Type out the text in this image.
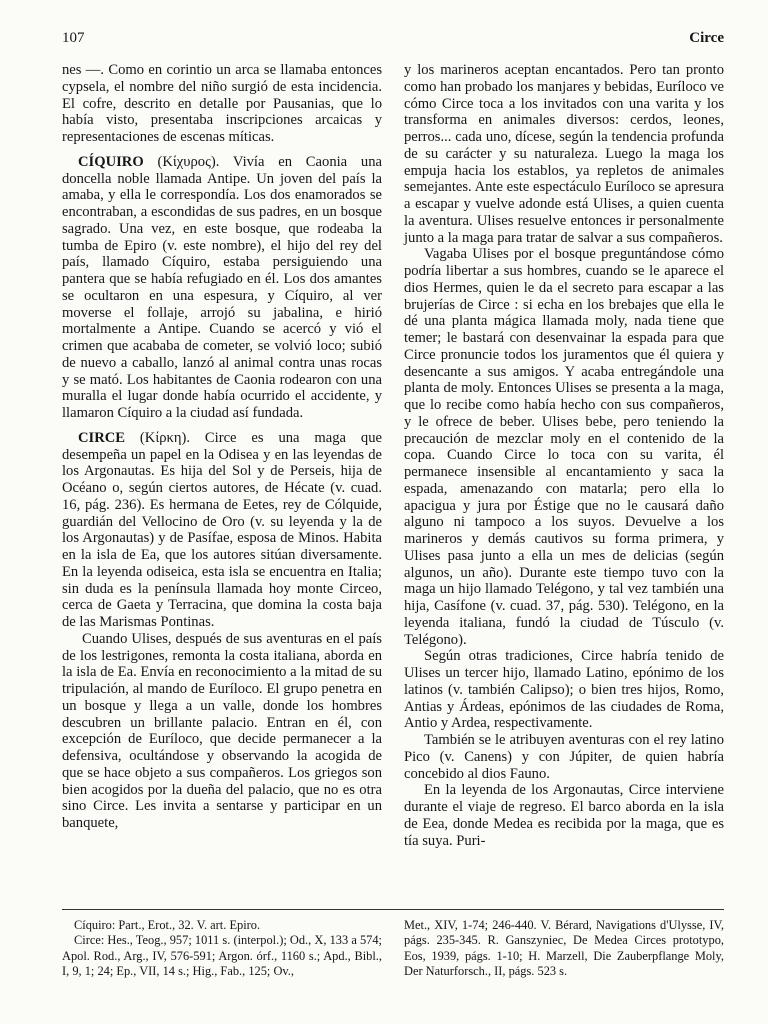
107	Circe

nes —. Como en corintio un arca se llamaba entonces cypsela, el nombre del niño surgió de esta incidencia. El cofre, descrito en detalle por Pausanias, que lo había visto, presentaba inscripciones arcaicas y representaciones de escenas míticas.

CÍQUIRO (Κίχυρος). Vivía en Caonia una doncella noble llamada Antipe. Un joven del país la amaba, y ella le correspondía. Los dos enamorados se encontraban, a escondidas de sus padres, en un bosque sagrado. Una vez, en este bosque, que rodeaba la tumba de Epiro (v. este nombre), el hijo del rey del país, llamado Cíquiro, estaba persiguiendo una pantera que se había refugiado en él. Los dos amantes se ocultaron en una espesura, y Cíquiro, al ver moverse el follaje, arrojó su jabalina, e hirió mortalmente a Antipe. Cuando se acercó y vió el crimen que acababa de cometer, se volvió loco; subió de nuevo a caballo, lanzó al animal contra unas rocas y se mató. Los habitantes de Caonia rodearon con una muralla el lugar donde había ocurrido el accidente, y llamaron Cíquiro a la ciudad así fundada.

CIRCE (Κίρκη). Circe es una maga que desempeña un papel en la Odisea y en las leyendas de los Argonautas. Es hija del Sol y de Perseis, hija de Océano o, según ciertos autores, de Hécate (v. cuad. 16, pág. 236). Es hermana de Eetes, rey de Cólquide, guardián del Vellocino de Oro (v. su leyenda y la de los Argonautas) y de Pasífae, esposa de Minos. Habita en la isla de Ea, que los autores sitúan diversamente. En la leyenda odiseica, esta isla se encuentra en Italia; sin duda es la península llamada hoy monte Circeo, cerca de Gaeta y Terracina, que domina la costa baja de las Marismas Pontinas.

Cuando Ulises, después de sus aventuras en el país de los lestrigones, remonta la costa italiana, aborda en la isla de Ea. Envía en reconocimiento a la mitad de su tripulación, al mando de Euríloco. El grupo penetra en un bosque y llega a un valle, donde los hombres descubren un brillante palacio. Entran en él, con excepción de Euríloco, que decide permanecer a la defensiva, ocultándose y observando la acogida de que se hace objeto a sus compañeros. Los griegos son bien acogidos por la dueña del palacio, que no es otra sino Circe. Les invita a sentarse y participar en un banquete,

y los marineros aceptan encantados. Pero tan pronto como han probado los manjares y bebidas, Euríloco ve cómo Circe toca a los invitados con una varita y los transforma en animales diversos: cerdos, leones, perros... cada uno, dícese, según la tendencia profunda de su carácter y su naturaleza. Luego la maga los empuja hacia los establos, ya repletos de animales semejantes. Ante este espectáculo Euríloco se apresura a escapar y vuelve adonde está Ulises, a quien cuenta la aventura. Ulises resuelve entonces ir personalmente junto a la maga para tratar de salvar a sus compañeros.

Vagaba Ulises por el bosque preguntándose cómo podría libertar a sus hombres, cuando se le aparece el dios Hermes, quien le da el secreto para escapar a las brujerías de Circe : si echa en los brebajes que ella le dé una planta mágica llamada moly, nada tiene que temer; le bastará con desenvainar la espada para que Circe pronuncie todos los juramentos que él quiera y desencante a sus amigos. Y acaba entregándole una planta de moly. Entonces Ulises se presenta a la maga, que lo recibe como había hecho con sus compañeros, y le ofrece de beber. Ulises bebe, pero teniendo la precaución de mezclar moly en el contenido de la copa. Cuando Circe lo toca con su varita, él permanece insensible al encantamiento y saca la espada, amenazando con matarla; pero ella lo apacigua y jura por Éstige que no le causará daño alguno ni tampoco a los suyos. Devuelve a los marineros y demás cautivos su forma primera, y Ulises pasa junto a ella un mes de delicias (según algunos, un año). Durante este tiempo tuvo con la maga un hijo llamado Telégono, y tal vez también una hija, Casífone (v. cuad. 37, pág. 530). Telégono, en la leyenda italiana, fundó la ciudad de Túsculo (v. Telégono).

Según otras tradiciones, Circe habría tenido de Ulises un tercer hijo, llamado Latino, epónimo de los latinos (v. también Calipso); o bien tres hijos, Romo, Antias y Árdeas, epónimos de las ciudades de Roma, Antio y Ardea, respectivamente.

También se le atribuyen aventuras con el rey latino Pico (v. Canens) y con Júpiter, de quien habría concebido al dios Fauno.

En la leyenda de los Argonautas, Circe interviene durante el viaje de regreso. El barco aborda en la isla de Eea, donde Medea es recibida por la maga, que es tía suya. Puri-

Cíquiro: Part., Erot., 32. V. art. Epiro.

Circe: Hes., Teog., 957; 1011 s. (interpol.); Od., X, 133 a 574; Apol. Rod., Arg., IV, 576-591; Argon. órf., 1160 s.; Apd., Bibl., I, 9, 1; 24; Ep., VII, 14 s.; Hig., Fab., 125; Ov.,

Met., XIV, 1-74; 246-440. V. Bérard, Navigations d'Ulysse, IV, págs. 235-345. R. Ganszyniec, De Medea Circes prototypo, Eos, 1939, págs. 1-10; H. Marzell, Die Zauberpflange Moly, Der Naturforsch., II, págs. 523 s.
